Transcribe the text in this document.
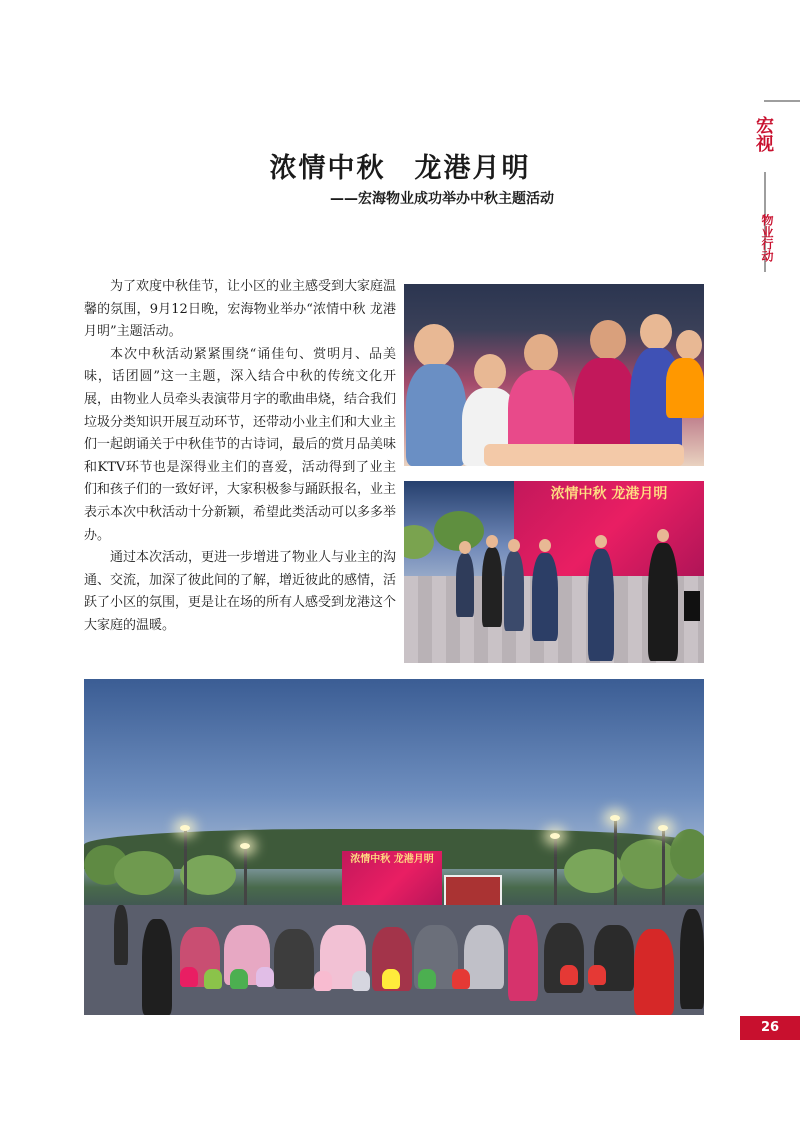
宏视
物业行动
浓情中秋　龙港月明
——宏海物业成功举办中秋主题活动

为了欢度中秋佳节，让小区的业主感受到大家庭温馨的氛围，9月12日晚，宏海物业举办“浓情中秋 龙港月明”主题活动。

本次中秋活动紧紧围绕“诵佳句、赏明月、品美味，话团圆”这一主题，深入结合中秋的传统文化开展，由物业人员牵头表演带月字的歌曲串烧，结合我们垃圾分类知识开展互动环节，还带动小业主们和大业主们一起朗诵关于中秋佳节的古诗词，最后的赏月品美味和KTV环节也是深得业主们的喜爱，活动得到了业主们和孩子们的一致好评，大家积极参与踊跃报名，业主表示本次中秋活动十分新颖，希望此类活动可以多多举办。

通过本次活动，更进一步增进了物业人与业主的沟通、交流，加深了彼此间的了解，增近彼此的感情，活跃了小区的氛围，更是让在场的所有人感受到龙港这个大家庭的温暖。

浓情中秋 龙港月明
浓情中秋 龙港月明
26
